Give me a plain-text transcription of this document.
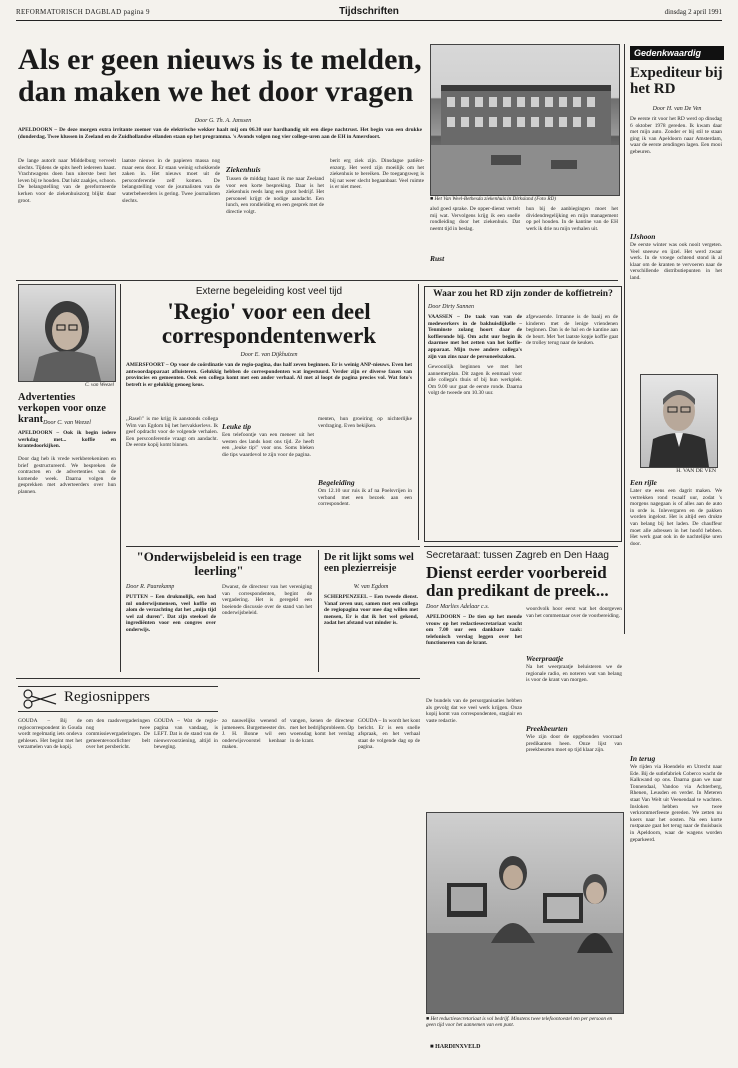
REFORMATORISCH DAGBLAD pagina 9	Tijdschriften	dinsdag 2 april 1991
Als er geen nieuws is te melden, dan maken we het door vragen
Door G. Th. A. Janssen
APELDOORN – De deze morgen extra irritante zoemer van de elektrische wekker haalt mij om 06.30 uur hardhandig uit een diepe nachtrust. Het begin van een drukke (donderdag. Twee klussen in Zeeland en de Zuidhollandse eilanden staan op het programma. 's Avonds volgen nog vier college-uren aan de EH in Amersfoort.
De lange autorit naar Middelburg verveelt slechts. Tijdens de spits heeft iedereen haast. Vrachtwagens doen hun uiterste best het leven bij te houden. Dat lukt zaakjes, schoon. De belangstelling van de gereformeerde kerken voor de ziekenhuiszorg blijkt daar groot.
laatste nieuws in de papieren massa nog maar eens door. Er staan weinig schokkende zaken in. Het nieuws moet uit de persconferentie zelf komen. De belangstelling voor de journalisten van de waterbeheerders is gering. Twee journalisten slechts.
Ziekenhuis
Tussen de middag haast ik me naar Zeeland voor een korte bespreking. Daar is het ziekenhuis reeds lang een groot bedrijf. Het personeel krijgt de nodige aandacht. Een lunch, een rondleiding en een gesprek met de directie volgt.
berit erg ziek zijn. Dinsdagse patiëntenzorg. Het werd zijn moeilijk om het ziekenhuis te bereiken. De toegangsweg is bij nat weer slecht begaanbaar. Veel ruimte is er niet meer.
■ Het Van Weel-Bethesda ziekenhuis in Dirksland (Foto RD)
alsd goed sprake. De opper-dienst vertelt mij wat. Vervolgens krijg ik een snelle rondleiding door het ziekenhuis. Dat neemt tijd in beslag.
Rust
hun bij de aanbiegingen moet het dividendregelijking en mijn management op pel houden. In de kantine van de EH werk ik drie nu mijn verhalen uit.
Gedenkwaardig
Expediteur bij het RD
Door H. van De Ven
De eerste rit voor het RD werd op dinsdag 6 oktober 1978 gereden. Ik kwam daar met mijn auto. Zonder er bij stil te staan ging ik van Apeldoorn naar Amsterdam, waar de eerste zendingen lagen. Een mooi gebeuren.
IJshoon
De eerste winter was ook nooit vergeten. Veel sneeuw en ijzel. Het werd zwaar werk. In de vroege ochtend stond ik al klaar om de kranten te vervoeren naar de verschillende distributiepunten in het land.
H. VAN DE VEN
Een rijle
Later ste eens een dagrit maken. We vertrekken rond twaalf uur, zodat 's morgens nagegaan is of alles aan de auto in orde is. Inlevergaren en de pakken worden ingelost. Het is altijd een drukte van belang bij het laden. De chauffeur moet alle adressen in het hoofd hebben. Het werk gaat ook in de nachtelijke uren door.
In terug
We rijden via Hoendelo en Utrecht naar Ede. Bij de sutlefabriek Coberco wacht de Kalkwand op ons. Daarna gaan we naar Tonnendaal, Vandoo via Achterberg, Rhenen, Leusden en verder. In Meteren staat Van Welt uit Veenendaal te wachten. Insloken hebben we twee verkrommerfeeste gereden. We zetten nu koers naar het oosten. Na een korte rustpauze gaat het terug naar de thuisbasis in Apeldoorn, waar de wagens worden geparkeerd.
C. van Weezel
Advertenties verkopen voor onze krant Door C. van Weezel
APELDOORN – Ook ik begin iedere werkdag met... koffie en krantedoorkijken.
Door dag heb ik vrede werkberekeninen en brief gestructureerd. We bespreken de contracten en de advertenties van de komende week. Daarna volgen de gesprekken met adverteerders over hun plannen.
Externe begeleiding kost veel tijd
'Regio' voor een deel correspondentenwerk
Door E. van Dijkhuizen
AMERSFOORT – Op voor de coördinatie van de regio-pagina, dus half zeven beginnen. Er is weinig ANP-nieuws. Even het antwoordapparaat afluisteren. Gelukkig hebben de correspondenten wat ingestuurd. Verder zijn er diverse faxen van provincies en gemeenten. Ook een collega komt met een ander verhaal. Al met al loopt de pagina precies vol. Wat foto's betreft is er gelukkig genoeg keus.
,,Rasel\" is me krijg ik aanstonds collega Wim van Egdom bij het hervakkerlevs. Ik geef opdracht voor de volgende verhalen. Een persconferentie vraagt om aandacht. De eerste kopij komt binnen.
Leuke tip
Een telefoontje van een meneer uit het westen des lands kost ons tijd. Ze heeft een ,,leuke tip\" voor ons. Soms bleken die tips waardevol te zijn voor de pagina.
menten, hun groeiring op nichterlijke verdraging. Even bekijken.
Begeleiding
Om 12.10 uur ruis ik af na Poelsvrijen in verband met een bezoek aan een correspondent.
Waar zou het RD zijn zonder de koffietrein?
Door Dirty Sannen
VAASSEN – De taak van van de medewerkers in de bakhuisdijkelle – Tenminste zolang hoort daar de koffieronde bij. Om acht uur begin ik daarmee met het zetten van het koffie-apparaat. Mijn twee andere collega's zijn van zins naar de personeelszaken.
Gewoonlijk beginnen we met het aannemerplan. Dit zagen ik eenmaal voor alle collega's thuis of bij hun werkplek. Om 9.00 uur gaat de eerste ronde. Daarna volgt de tweede om 10.30 uur.
afgewaende. Irmanne is de baaij en de kinderen met de lenige vriendenen beginnen. Dan is de hal en de kantine aan de beurt. Met 'het laatste kopje koffie gaat de trolley terug naar de keuken.
Secretaraat: tussen Zagreb en Den Haag
Dienst eerder voorbereid dan predikant de preek...
Door Marlies Adelaar c.s.
APELDOORN – De tien op het mende vrouw op het redactiesecretariaat wacht om 7.00 uur een dankbare taak: telefonisch verslag leggen over het functioneren van de krant.
De bundels van de persorganisaties hebben als gevolg dat we veel werk krijgen. Onze kopij komt van correspondenten, stagiair en vaste redactie.
woordvolk hoor eerst wat het doorgeven van het commentaar over de voorbereiding.
Weerpraatje
Na het weerpraatje beluisteren we de regionale radio, en noteren wat van belang is voor de krant van morgen.
Preekbeurten
Wie zijn door de opgebonden voorraad predikanten heen. Onze lijst van preekbeurten moet op tijd klaar zijn.
■ Het reductiesecretariaat is vol bedrijf. Minstens twee telefoontoestel ten per persoon en geen tijd voor het aannemen van een punt.
"Onderwijsbeleid is een trage leerling"
Door R. Paarekamp
PUTTEN – Een drukmolijk, een had ml onderwijsmensen, veel koffie en alom de verzachting dat het ,,mijn tijd wel zal duren". Dat zijn steeksel de ingrediënten voor een congres over onderwijs.
Dwanst, de directeur van het vereniging van correspondenten, begint de vergadering. Het is geregeld een boeiende discussie over de stand van het onderwijsbeleid.
De rit lijkt soms wel een plezierreisje
W. van Egdom
SCHERPENZEEL – Een tweede dienst. Vanaf zeven uur, samen met een collega de regiopagina voor mee dag willen met mensen, Er is dat ik het wel gekend, zodat het afstand wat minder is.
Regiosnippers
GOUDA – Bij de regiocorrespondent in Gouda wordt regelmatig iets ondeva gehlesen. Het begint met het verzamelen van de kopij.
om den raadsvergaderingen nog twee commissievergaderingen. De gemeentevoorlichter belt over het persbericht.
GOUDA – Wat de regiopagina van vandaag, is LEFT. Dat is de stand van de nieuwsvoorziening, altijd in beweging.
zo nauwelijks wenend of jumeneers. Burgemeester drs. J. H. Bonne wil een onderwijsvoorstel kenbaar maken.
vangen, kenen de directeur met het bedrijfsprobleem. Op woensdag komt het verslag in de krant.
GOUDA – In wordt het kont bericht. Er is een snelle afspraak, en het verhaal staat de volgende dag op de pagina.
■ HARDINXVELD
